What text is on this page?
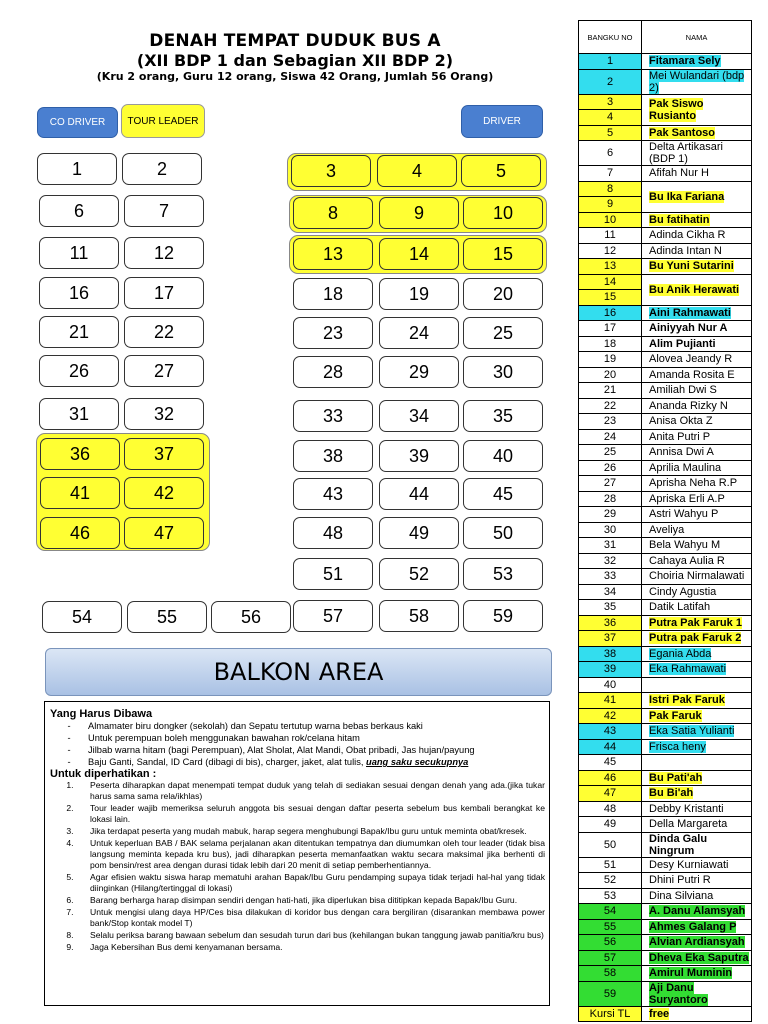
DENAH TEMPAT DUDUK BUS A
(XII BDP 1 dan Sebagian XII BDP 2)
(Kru 2 orang, Guru 12 orang, Siswa 42 Orang, Jumlah 56 Orang)
CO DRIVER	TOUR LEADER	DRIVER
1	2	3	4	5
6	7	8	9	10
11	12	13	14	15
16	17	18	19	20
21	22	23	24	25
26	27	28	29	30
31	32	33	34	35
36	37	38	39	40
41	42	43	44	45
46	47	48	49	50
51	52	53
54	55	56	57	58	59
BALKON AREA
Yang Harus Dibawa
-	Almamater biru dongker (sekolah) dan Sepatu tertutup warna bebas berkaus kaki
-	Untuk perempuan boleh menggunakan bawahan rok/celana hitam
-	Jilbab warna hitam (bagi Perempuan), Alat Sholat, Alat Mandi, Obat pribadi, Jas hujan/payung
-	Baju Ganti, Sandal, ID Card (dibagi di bis), charger, jaket, alat tulis, uang saku secukupnya
Untuk diperhatikan :
1.	Peserta diharapkan dapat menempati tempat duduk yang telah di sediakan sesuai dengan denah yang ada.(jika tukar harus sama sama rela/ikhlas)
2.	Tour leader wajib memeriksa seluruh anggota bis sesuai dengan daftar peserta sebelum bus kembali berangkat ke lokasi lain.
3.	Jika terdapat peserta yang mudah mabuk, harap segera menghubungi Bapak/Ibu guru untuk meminta obat/kresek.
4.	Untuk keperluan BAB / BAK selama perjalanan akan ditentukan tempatnya dan diumumkan oleh tour leader (tidak bisa langsung meminta kepada kru bus), jadi diharapkan peserta memanfaatkan waktu secara maksimal jika berhenti di pom bensin/rest area dengan durasi tidak lebih dari 20 menit di setiap pemberhentiannya.
5.	Agar efisien waktu siswa harap mematuhi arahan Bapak/Ibu Guru pendamping supaya tidak terjadi hal-hal yang tidak diinginkan (Hilang/tertinggal di lokasi)
6.	Barang berharga harap disimpan sendiri dengan hati-hati, jika diperlukan bisa dititipkan kepada Bapak/Ibu Guru.
7.	Untuk mengisi ulang daya HP/Ces bisa dilakukan di koridor bus dengan cara bergiliran (disarankan membawa power bank/Stop kontak model T)
8.	Selalu periksa barang bawaan sebelum dan sesudah turun dari bus (kehilangan bukan tanggung jawab panitia/kru bus)
9.	Jaga Kebersihan Bus demi kenyamanan bersama.
BANGKU NO	NAMA
1	Fitamara Sely
2	Mei Wulandari (bdp 2)
3	Pak Siswo Rusianto
4	
5	Pak Santoso
6	Delta Artikasari (BDP 1)
7	Afifah Nur H
8	Bu Ika Fariana
9	
10	Bu fatihatin
11	Adinda Cikha R
12	Adinda Intan N
13	Bu Yuni Sutarini
14	Bu Anik Herawati
15	
16	Aini Rahmawati
17	Ainiyyah Nur A
18	Alim Pujianti
19	Alovea Jeandy R
20	Amanda Rosita E
21	Amiliah Dwi S
22	Ananda Rizky N
23	Anisa Okta Z
24	Anita Putri P
25	Annisa Dwi A
26	Aprilia Maulina
27	Aprisha Neha R.P
28	Apriska Erli A.P
29	Astri Wahyu P
30	Aveliya
31	Bela Wahyu M
32	Cahaya Aulia R
33	Choiria Nirmalawati
34	Cindy Agustia
35	Datik Latifah
36	Putra Pak Faruk 1
37	Putra pak Faruk 2
38	Egania Abda
39	Eka Rahmawati
40	
41	Istri Pak Faruk
42	Pak Faruk
43	Eka Satia Yulianti
44	Frisca heny
45	
46	Bu Pati'ah
47	Bu Bi'ah
48	Debby Kristanti
49	Della Margareta
50	Dinda Galu Ningrum
51	Desy Kurniawati
52	Dhini Putri R
53	Dina Silviana
54	A. Danu Alamsyah
55	Ahmes Galang P
56	Alvian Ardiansyah
57	Dheva Eka Saputra
58	Amirul Muminin
59	Aji Danu Suryantoro
Kursi TL	free
